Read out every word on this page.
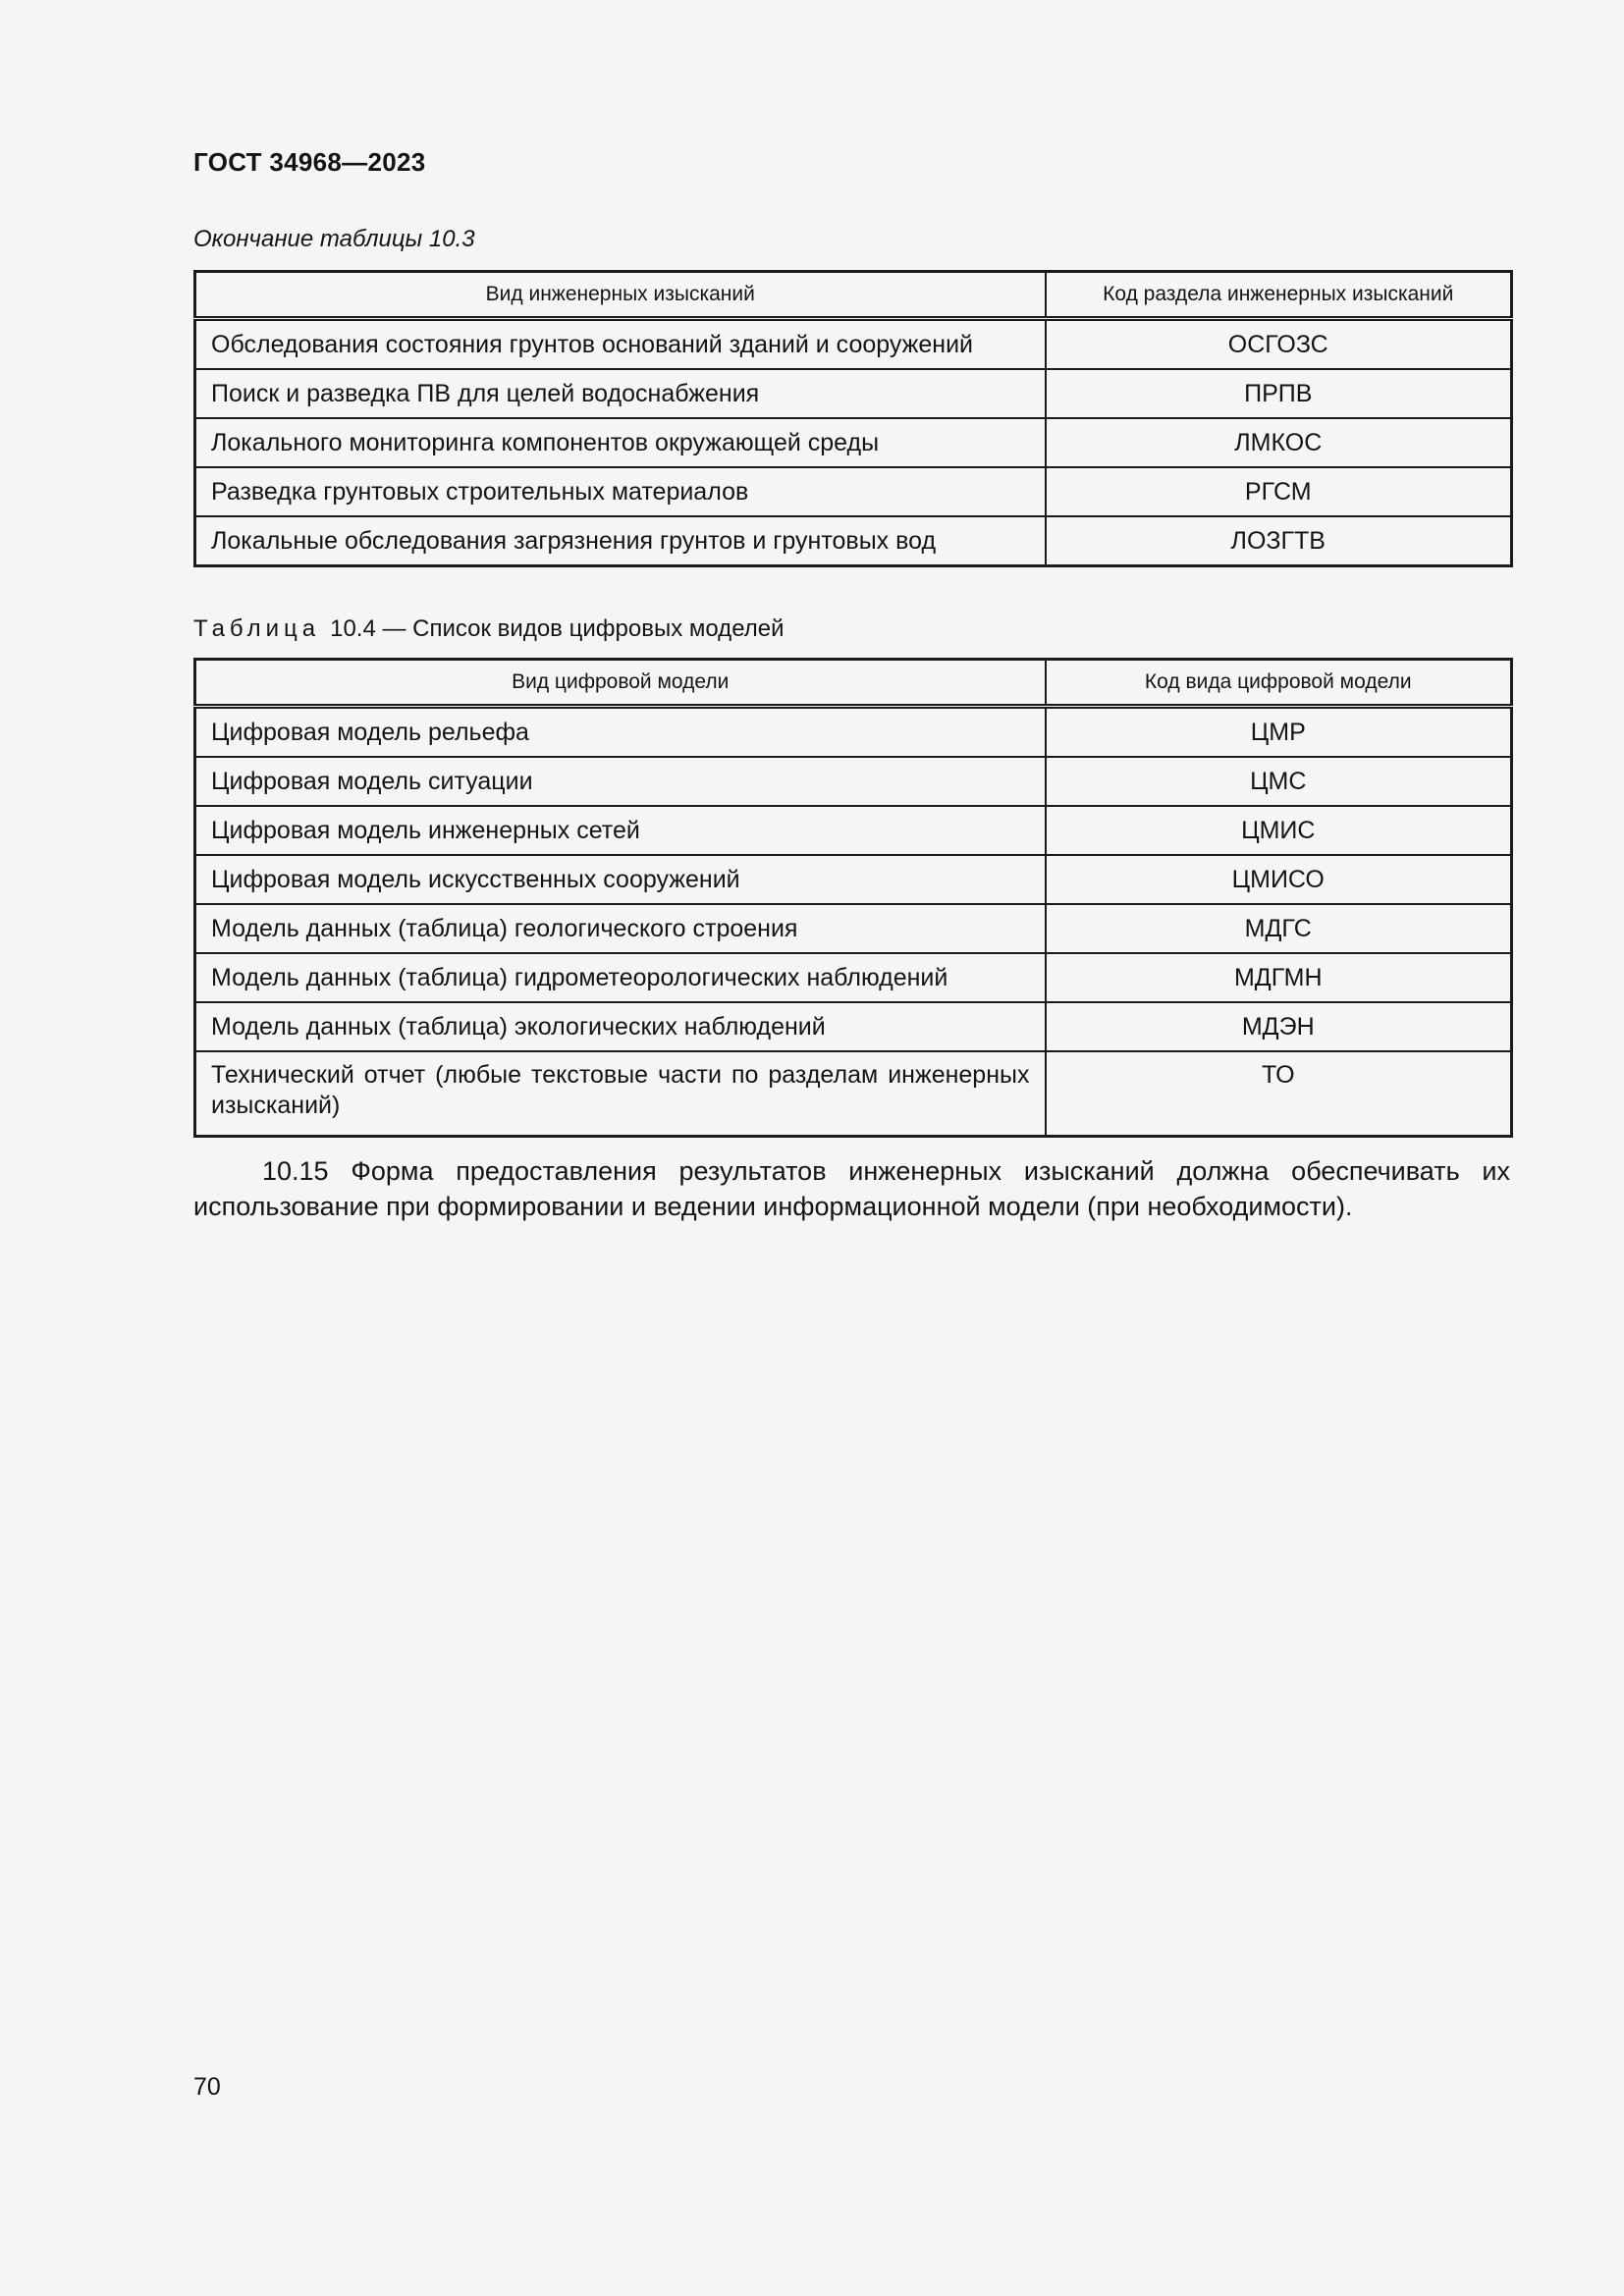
ГОСТ 34968—2023

Окончание таблицы 10.3

Вид инженерных изысканий	Код раздела инженерных изысканий
Обследования состояния грунтов оснований зданий и сооружений	ОСГОЗС
Поиск и разведка ПВ для целей водоснабжения	ПРПВ
Локального мониторинга компонентов окружающей среды	ЛМКОС
Разведка грунтовых строительных материалов	РГСМ
Локальные обследования загрязнения грунтов и грунтовых вод	ЛОЗГТВ

Таблица 10.4 — Список видов цифровых моделей

Вид цифровой модели	Код вида цифровой модели
Цифровая модель рельефа	ЦМР
Цифровая модель ситуации	ЦМС
Цифровая модель инженерных сетей	ЦМИС
Цифровая модель искусственных сооружений	ЦМИСО
Модель данных (таблица) геологического строения	МДГС
Модель данных (таблица) гидрометеорологических наблюдений	МДГМН
Модель данных (таблица) экологических наблюдений	МДЭН
Технический отчет (любые текстовые части по разделам инженерных изысканий)	ТО

10.15 Форма предоставления результатов инженерных изысканий должна обеспечивать их использование при формировании и ведении информационной модели (при необходимости).

70
